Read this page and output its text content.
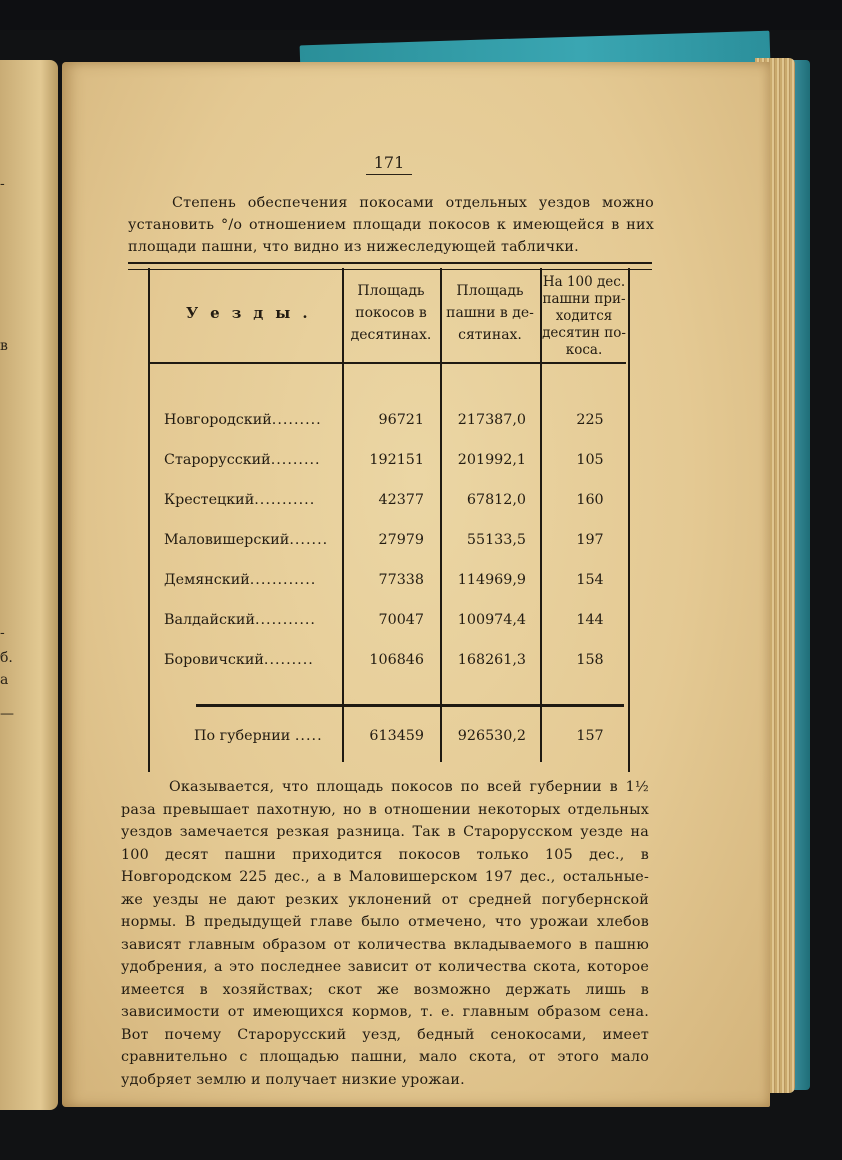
-
в
-
б.
а
—
171
Степень обеспечения покосами отдельных уездов можно установить °/o отношением площади покосов к имеющейся в них площади пашни, что видно из нижеследующей таблички.
Уезды.
Площадь
покосов в
десятинах.
Площадь
пашни в де-
сятинах.
На 100 дес.
пашни при-
ходится
десятин по-
коса.
Новгородский.........	96721	217387,0	225
Старорусский.........	192151	201992,1	105
Крестецкий...........	42377	67812,0	160
Маловишерский.......	27979	55133,5	197
Демянский............	77338	114969,9	154
Валдайский...........	70047	100974,4	144
Боровичский.........	106846	168261,3	158
По губернии .....	613459	926530,2	157
Оказывается, что площадь покосов по всей губернии в 1½ раза превышает пахотную, но в отношении некоторых отдельных уездов замечается резкая разница. Так в Старорусском уезде на 100 десят пашни приходится покосов только 105 дес., в Новгородском 225 дес., а в Маловишерском 197 дес., остальные-же уезды не дают резких уклонений от средней погубернской нормы. В предыдущей главе было отмечено, что урожаи хлебов зависят главным образом от количества вкладываемого в пашню удобрения, а это последнее зависит от количества скота, которое имеется в хозяйствах; скот же возможно держать лишь в зависимости от имеющихся кормов, т. е. главным образом сена. Вот почему Старорусский уезд, бедный сенокосами, имеет сравнительно с площадью пашни, мало скота, от этого мало удобряет землю и получает низкие урожаи.
